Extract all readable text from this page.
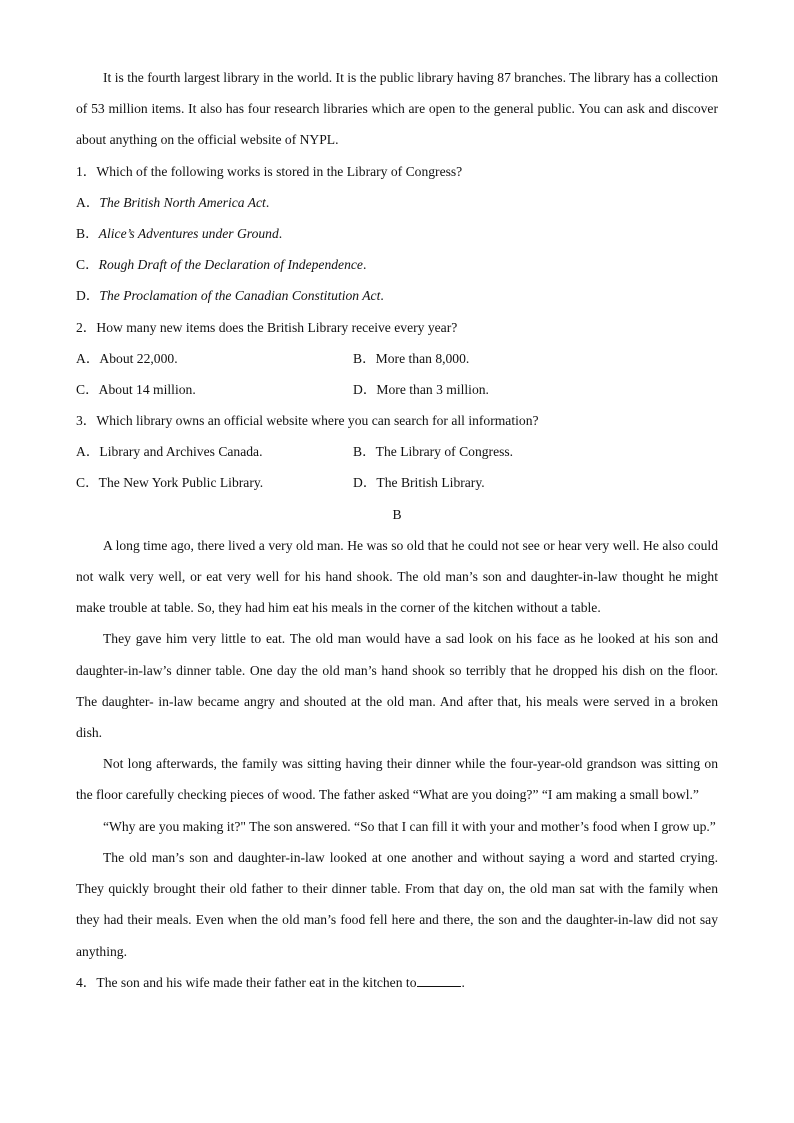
It is the fourth largest library in the world. It is the public library having 87 branches. The library has a collection of 53 million items. It also has four research libraries which are open to the general public. You can ask and discover about anything on the official website of NYPL.
1．Which of the following works is stored in the Library of Congress?
A．The British North America Act.
B．Alice’s Adventures under Ground.
C．Rough Draft of the Declaration of Independence.
D．The Proclamation of the Canadian Constitution Act.
2．How many new items does the British Library receive every year?
A．About 22,000.	B．More than 8,000.
C．About 14 million.	D．More than 3 million.
3．Which library owns an official website where you can search for all information?
A．Library and Archives Canada.	B．The Library of Congress.
C．The New York Public Library.	D．The British Library.
B
A long time ago, there lived a very old man. He was so old that he could not see or hear very well. He also could not walk very well, or eat very well for his hand shook. The old man’s son and daughter-in-law thought he might make trouble at table. So, they had him eat his meals in the corner of the kitchen without a table.
They gave him very little to eat. The old man would have a sad look on his face as he looked at his son and daughter-in-law’s dinner table. One day the old man’s hand shook so terribly that he dropped his dish on the floor. The daughter- in-law became angry and shouted at the old man. And after that, his meals were served in a broken dish.
Not long afterwards, the family was sitting having their dinner while the four-year-old grandson was sitting on the floor carefully checking pieces of wood. The father asked “What are you doing?” “I am making a small bowl.”
“Why are you making it?" The son answered. “So that I can fill it with your and mother’s food when I grow up.”
The old man’s son and daughter-in-law looked at one another and without saying a word and started crying. They quickly brought their old father to their dinner table. From that day on, the old man sat with the family when they had their meals. Even when the old man’s food fell here and there, the son and the daughter-in-law did not say anything.
4．The son and his wife made their father eat in the kitchen to	.
